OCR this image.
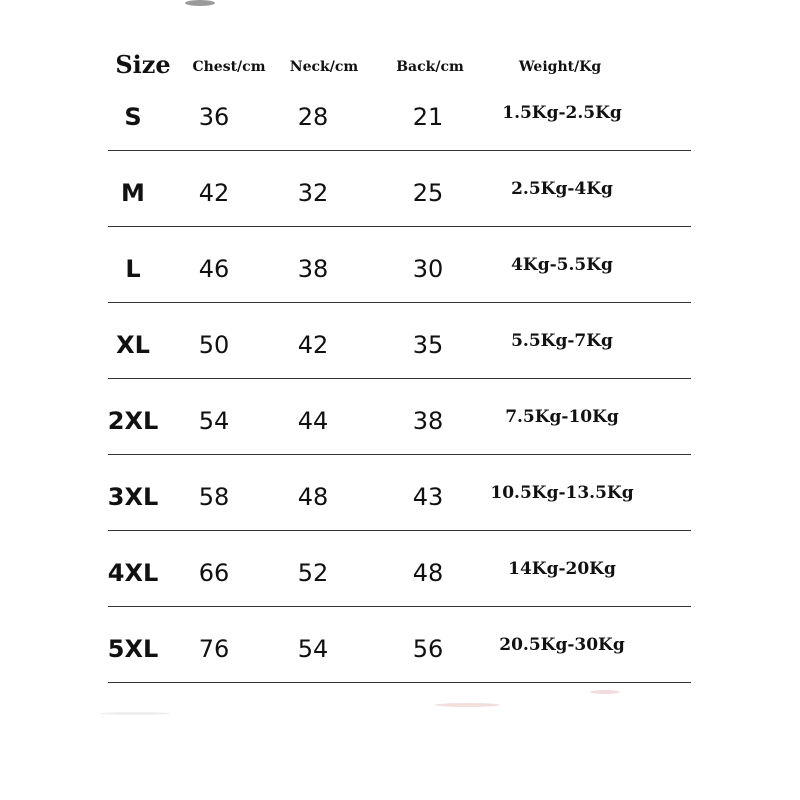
Size Chest/cm Neck/cm	Back/cm	Weight/Kg
S 36	28	21	1.5Kg-2.5Kg
M 42	32	25	2.5Kg-4Kg
L 46	38	30	4Kg-5.5Kg
XL 50	42	35	5.5Kg-7Kg
2XL 54	44	38	7.5Kg-10Kg
3XL 58	48	43	10.5Kg-13.5Kg
4XL 66	52	48	14Kg-20Kg
5XL 76	54	56	20.5Kg-30Kg
